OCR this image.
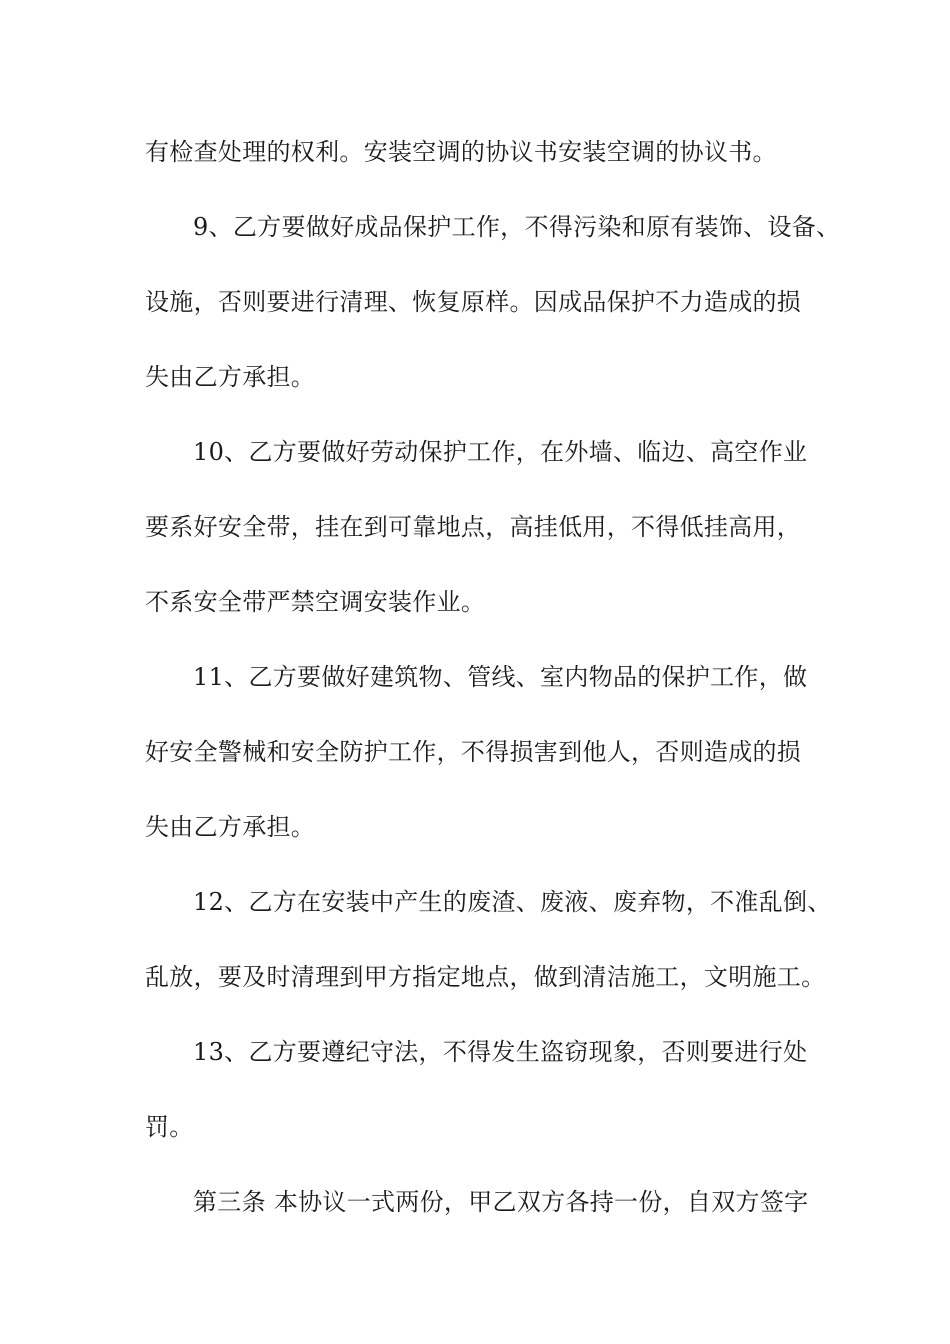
有检查处理的权利。安装空调的协议书安装空调的协议书。
9、乙方要做好成品保护工作，不得污染和原有装饰、设备、
设施，否则要进行清理、恢复原样。因成品保护不力造成的损
失由乙方承担。
10、乙方要做好劳动保护工作，在外墙、临边、高空作业
要系好安全带，挂在到可靠地点，高挂低用，不得低挂高用，
不系安全带严禁空调安装作业。
11、乙方要做好建筑物、管线、室内物品的保护工作，做
好安全警械和安全防护工作，不得损害到他人，否则造成的损
失由乙方承担。
12、乙方在安装中产生的废渣、废液、废弃物，不准乱倒、
乱放，要及时清理到甲方指定地点，做到清洁施工，文明施工。
13、乙方要遵纪守法，不得发生盗窃现象，否则要进行处
罚。
第三条 本协议一式两份，甲乙双方各持一份，自双方签字
